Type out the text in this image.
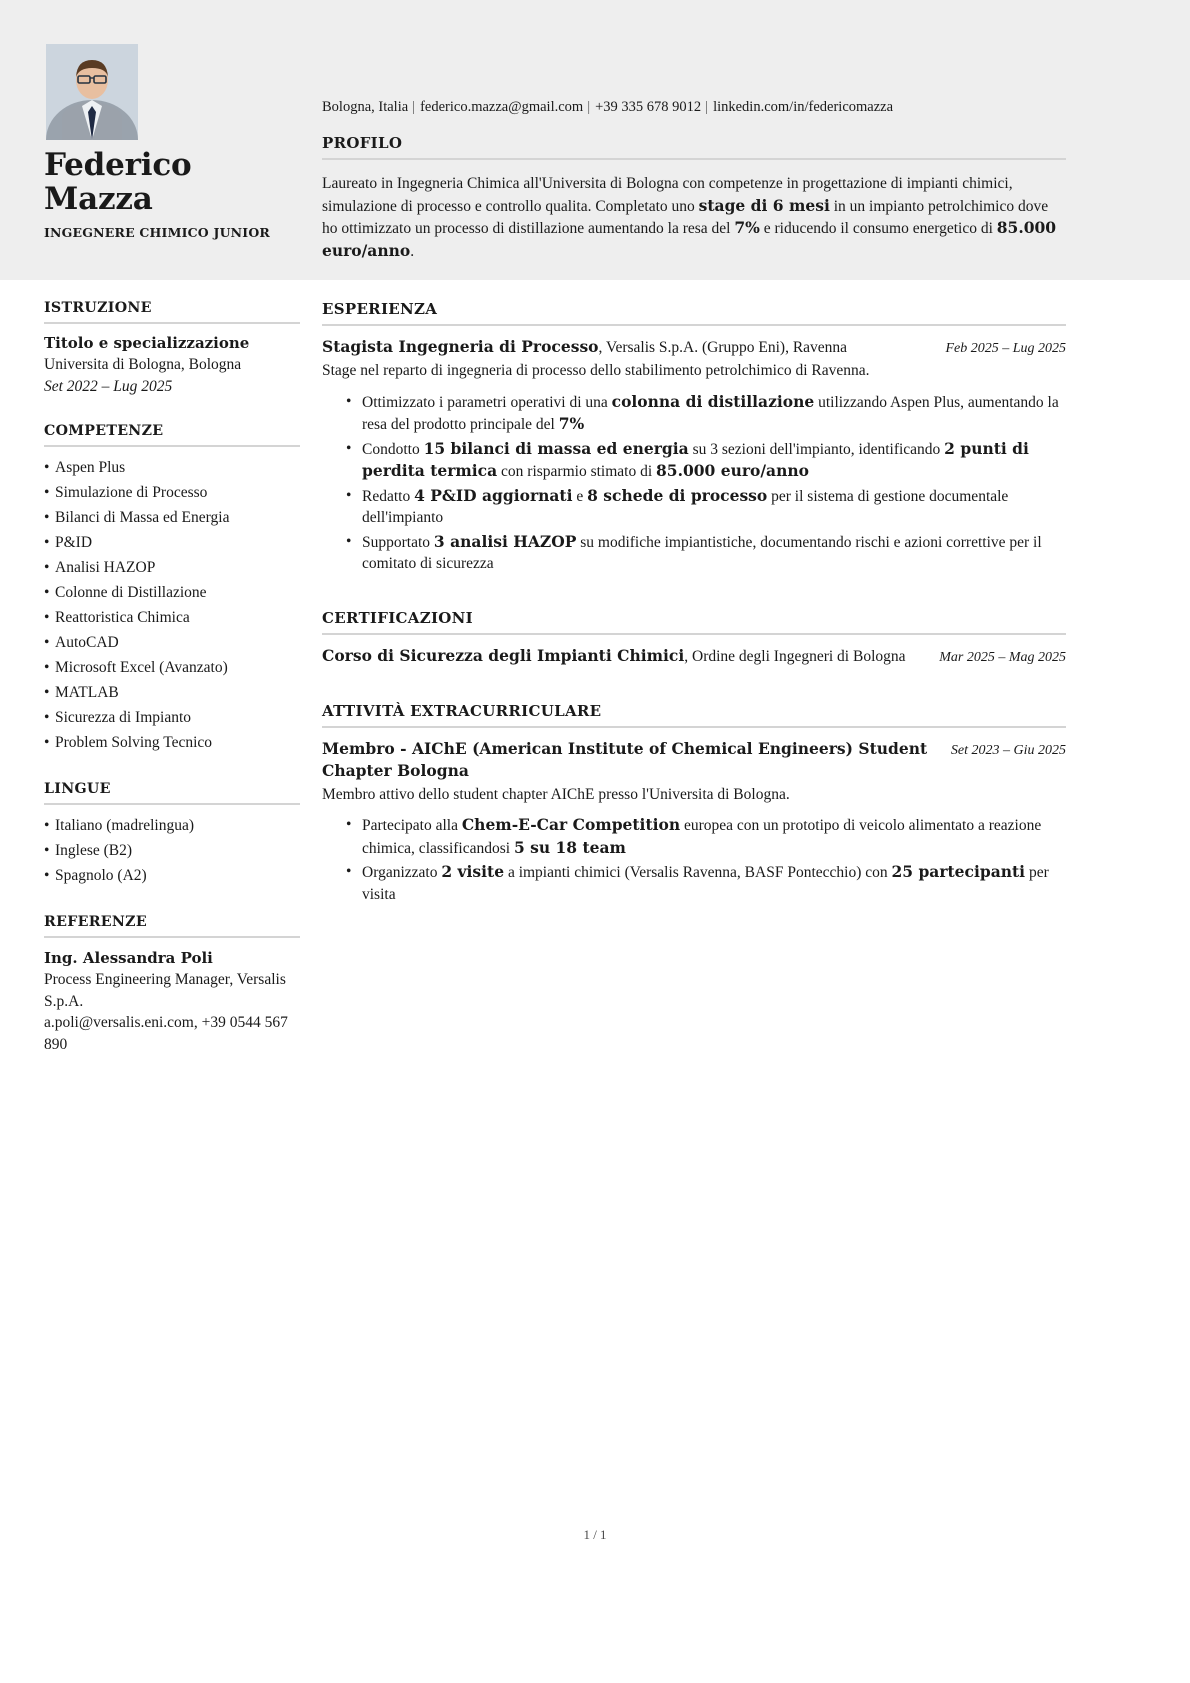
Federico
Mazza
INGEGNERE CHIMICO JUNIOR
Bologna, Italia | federico.mazza@gmail.com | +39 335 678 9012 | linkedin.com/in/federicomazza
PROFILO
Laureato in Ingegneria Chimica all'Universita di Bologna con competenze in progettazione di impianti chimici, simulazione di processo e controllo qualita. Completato uno stage di 6 mesi in un impianto petrolchimico dove ho ottimizzato un processo di distillazione aumentando la resa del 7% e riducendo il consumo energetico di 85.000 euro/anno.
ISTRUZIONE
Titolo e specializzazione
Universita di Bologna, Bologna
Set 2022 – Lug 2025
COMPETENZE
• Aspen Plus
• Simulazione di Processo
• Bilanci di Massa ed Energia
• P&ID
• Analisi HAZOP
• Colonne di Distillazione
• Reattoristica Chimica
• AutoCAD
• Microsoft Excel (Avanzato)
• MATLAB
• Sicurezza di Impianto
• Problem Solving Tecnico
LINGUE
• Italiano (madrelingua)
• Inglese (B2)
• Spagnolo (A2)
REFERENZE
Ing. Alessandra Poli
Process Engineering Manager, Versalis S.p.A.
a.poli@versalis.eni.com, +39 0544 567 890
ESPERIENZA
Stagista Ingegneria di Processo, Versalis S.p.A. (Gruppo Eni), Ravenna	Feb 2025 – Lug 2025
Stage nel reparto di ingegneria di processo dello stabilimento petrolchimico di Ravenna.
• Ottimizzato i parametri operativi di una colonna di distillazione utilizzando Aspen Plus, aumentando la resa del prodotto principale del 7%
• Condotto 15 bilanci di massa ed energia su 3 sezioni dell'impianto, identificando 2 punti di perdita termica con risparmio stimato di 85.000 euro/anno
• Redatto 4 P&ID aggiornati e 8 schede di processo per il sistema di gestione documentale dell'impianto
• Supportato 3 analisi HAZOP su modifiche impiantistiche, documentando rischi e azioni correttive per il comitato di sicurezza
CERTIFICAZIONI
Corso di Sicurezza degli Impianti Chimici, Ordine degli Ingegneri di Bologna	Mar 2025 – Mag 2025
ATTIVITÀ EXTRACURRICULARE
Membro - AIChE (American Institute of Chemical Engineers) Student Chapter Bologna
Set 2023 – Giu 2025
Membro attivo dello student chapter AIChE presso l'Universita di Bologna.
• Partecipato alla Chem-E-Car Competition europea con un prototipo di veicolo alimentato a reazione chimica, classificandosi 5 su 18 team
• Organizzato 2 visite a impianti chimici (Versalis Ravenna, BASF Pontecchio) con 25 partecipanti per visita
1 / 1
